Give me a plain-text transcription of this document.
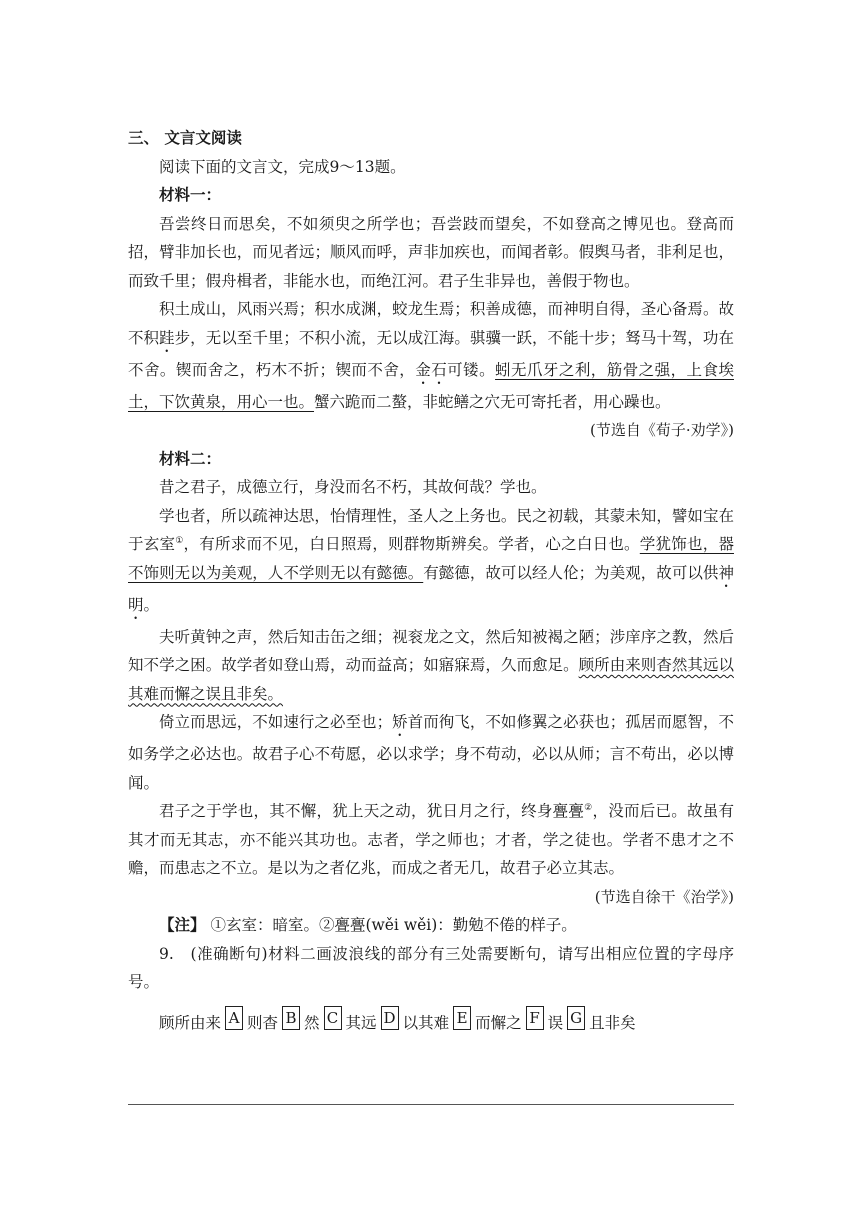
三、 文言文阅读
阅读下面的文言文，完成9～13题。
材料一：

吾尝终日而思矣，不如须臾之所学也；吾尝跂而望矣，不如登高之博见也。登高而招，臂非加长也，而见者远；顺风而呼，声非加疾也，而闻者彰。假舆马者，非利足也，而致千里；假舟楫者，非能水也，而绝江河。君子生非异也，善假于物也。

积土成山，风雨兴焉；积水成渊，蛟龙生焉；积善成德，而神明自得，圣心备焉。故不积跬步，无以至千里；不积小流，无以成江海。骐骥一跃，不能十步；驽马十驾，功在不舍。锲而舍之，朽木不折；锲而不舍，金石可镂。蚓无爪牙之利，筋骨之强，上食埃土，下饮黄泉，用心一也。蟹六跪而二螯，非蛇鳝之穴无可寄托者，用心躁也。

(节选自《荀子·劝学》)
材料二：

昔之君子，成德立行，身没而名不朽，其故何哉？学也。

学也者，所以疏神达思，怡情理性，圣人之上务也。民之初载，其蒙未知，譬如宝在于玄室①，有所求而不见，白日照焉，则群物斯辨矣。学者，心之白日也。学犹饰也，器不饰则无以为美观，人不学则无以有懿德。有懿德，故可以经人伦；为美观，故可以供神明。

夫听黄钟之声，然后知击缶之细；视衮龙之文，然后知被褐之陋；涉庠序之教，然后知不学之困。故学者如登山焉，动而益高；如寤寐焉，久而愈足。顾所由来则杳然其远以其难而懈之误且非矣。

倚立而思远，不如速行之必至也；矫首而徇飞，不如修翼之必获也；孤居而愿智，不如务学之必达也。故君子心不苟愿，必以求学；身不苟动，必以从师；言不苟出，必以博闻。

君子之于学也，其不懈，犹上天之动，犹日月之行，终身亹亹②，没而后已。故虽有其才而无其志，亦不能兴其功也。志者，学之师也；才者，学之徒也。学者不患才之不赡，而患志之不立。是以为之者亿兆，而成之者无几，故君子必立其志。

(节选自徐干《治学》)
【注】 ①玄室：暗室。②亹亹(wěi wěi)：勤勉不倦的样子。

9.　(准确断句)材料二画波浪线的部分有三处需要断句，请写出相应位置的字母序号。

顾所由来 A 则杳 B 然 C 其远 D 以其难 E 而懈之 F 误 G 且非矣
